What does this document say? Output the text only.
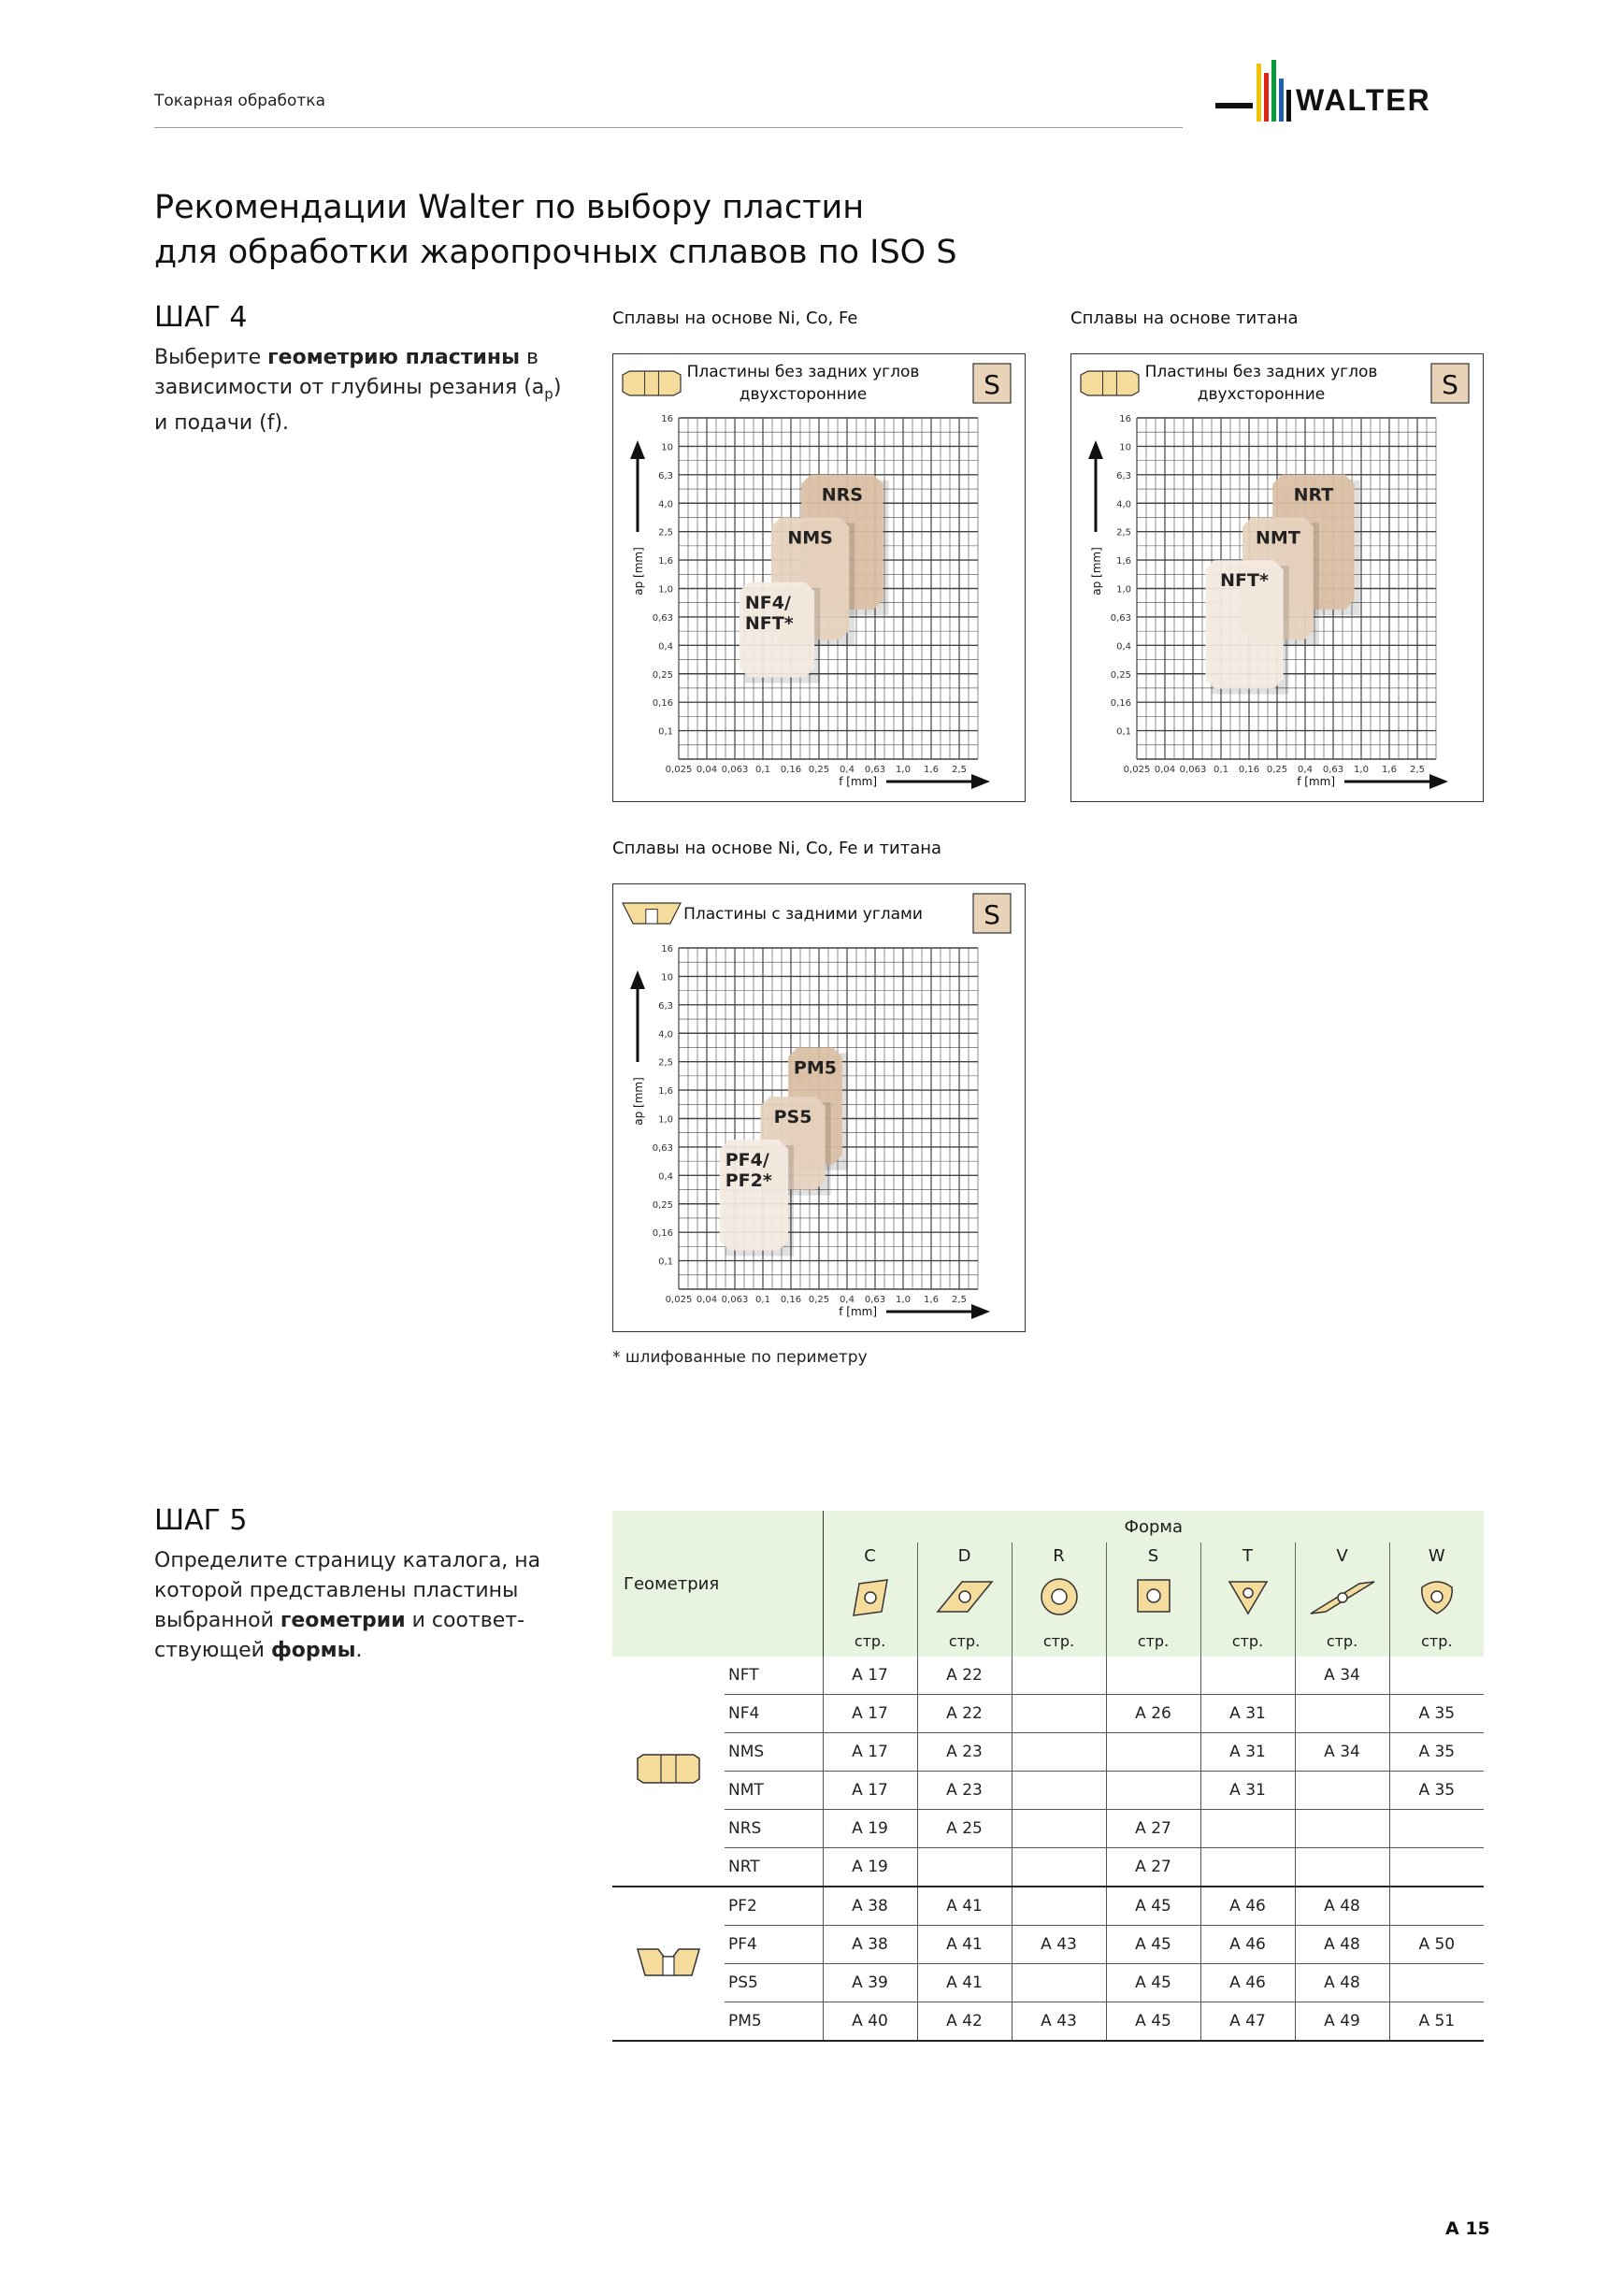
Токарная обработка	WALTER
Рекомендации Walter по выбору пластин
для обработки жаропрочных сплавов по ISO S
ШАГ 4
Выберите геометрию пластины в зависимости от глубины резания $(a_p)$ и подачи (f).
Сплавы на основе Ni, Co, Fe	Сплавы на основе титана
Сплавы на основе Ni, Co, Fe и титана
Пластины без задних углов
двухсторонние	S
NRS
NMS
NF4/
NFT*
16
10
6,3
4,0
2,5
1,6
1,0
0,63
0,4
0,25
0,16
0,1
0,025 0,04 0,063 0,1 0,16 0,25 0,4 0,63 1,0 1,6 2,5
ap [mm]
f [mm]
Пластины без задних углов
двухсторонние	S
NRT
NMT
NFT*
16
10
6,3
4,0
2,5
1,6
1,0
0,63
0,4
0,25
0,16
0,1
0,025 0,04 0,063 0,1 0,16 0,25 0,4 0,63 1,0 1,6 2,5
ap [mm]
f [mm]
Пластины с задними углами S
PM5
PS5
PF4/
PF2*
16
10
6,3
4,0
2,5
1,6
1,0
0,63
0,4
0,25
0,16
0,1
0,025 0,04 0,063 0,1 0,16 0,25 0,4 0,63 1,0 1,6 2,5
ap [mm]
f [mm]
* шлифованные по периметру
ШАГ 5
Определите страницу каталога, на которой представлены пластины выбранной геометрии и соответствующей формы.
Геометрия		Форма						
		C	D	R	S	T	V	W

		стр.	стр.	стр.	стр.	стр.	стр.	стр.
	NFT	A 17	A 22				A 34	
	NF4	A 17	A 22		A 26	A 31		A 35
	NMS	A 17	A 23			A 31	A 34	A 35
	NMT	A 17	A 23			A 31		A 35
	NRS	A 19	A 25		A 27			
	NRT	A 19			A 27			
	PF2	A 38	A 41		A 45	A 46	A 48	
	PF4	A 38	A 41	A 43	A 45	A 46	A 48	A 50
	PS5	A 39	A 41		A 45	A 46	A 48	
	PM5	A 40	A 42	A 43	A 45	A 47	A 49	A 51
A 15
